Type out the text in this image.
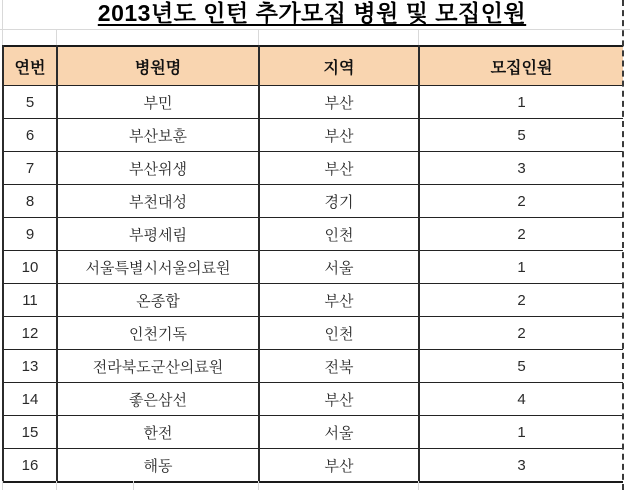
2013년도 인턴 추가모집 병원 및 모집인원
연번	병원명	지역	모집인원
5	부민	부산	1
6	부산보훈	부산	5
7	부산위생	부산	3
8	부천대성	경기	2
9	부평세림	인천	2
10	서울특별시서울의료원	서울	1
11	온종합	부산	2
12	인천기독	인천	2
13	전라북도군산의료원	전북	5
14	좋은삼선	부산	4
15	한전	서울	1
16	해동	부산	3
